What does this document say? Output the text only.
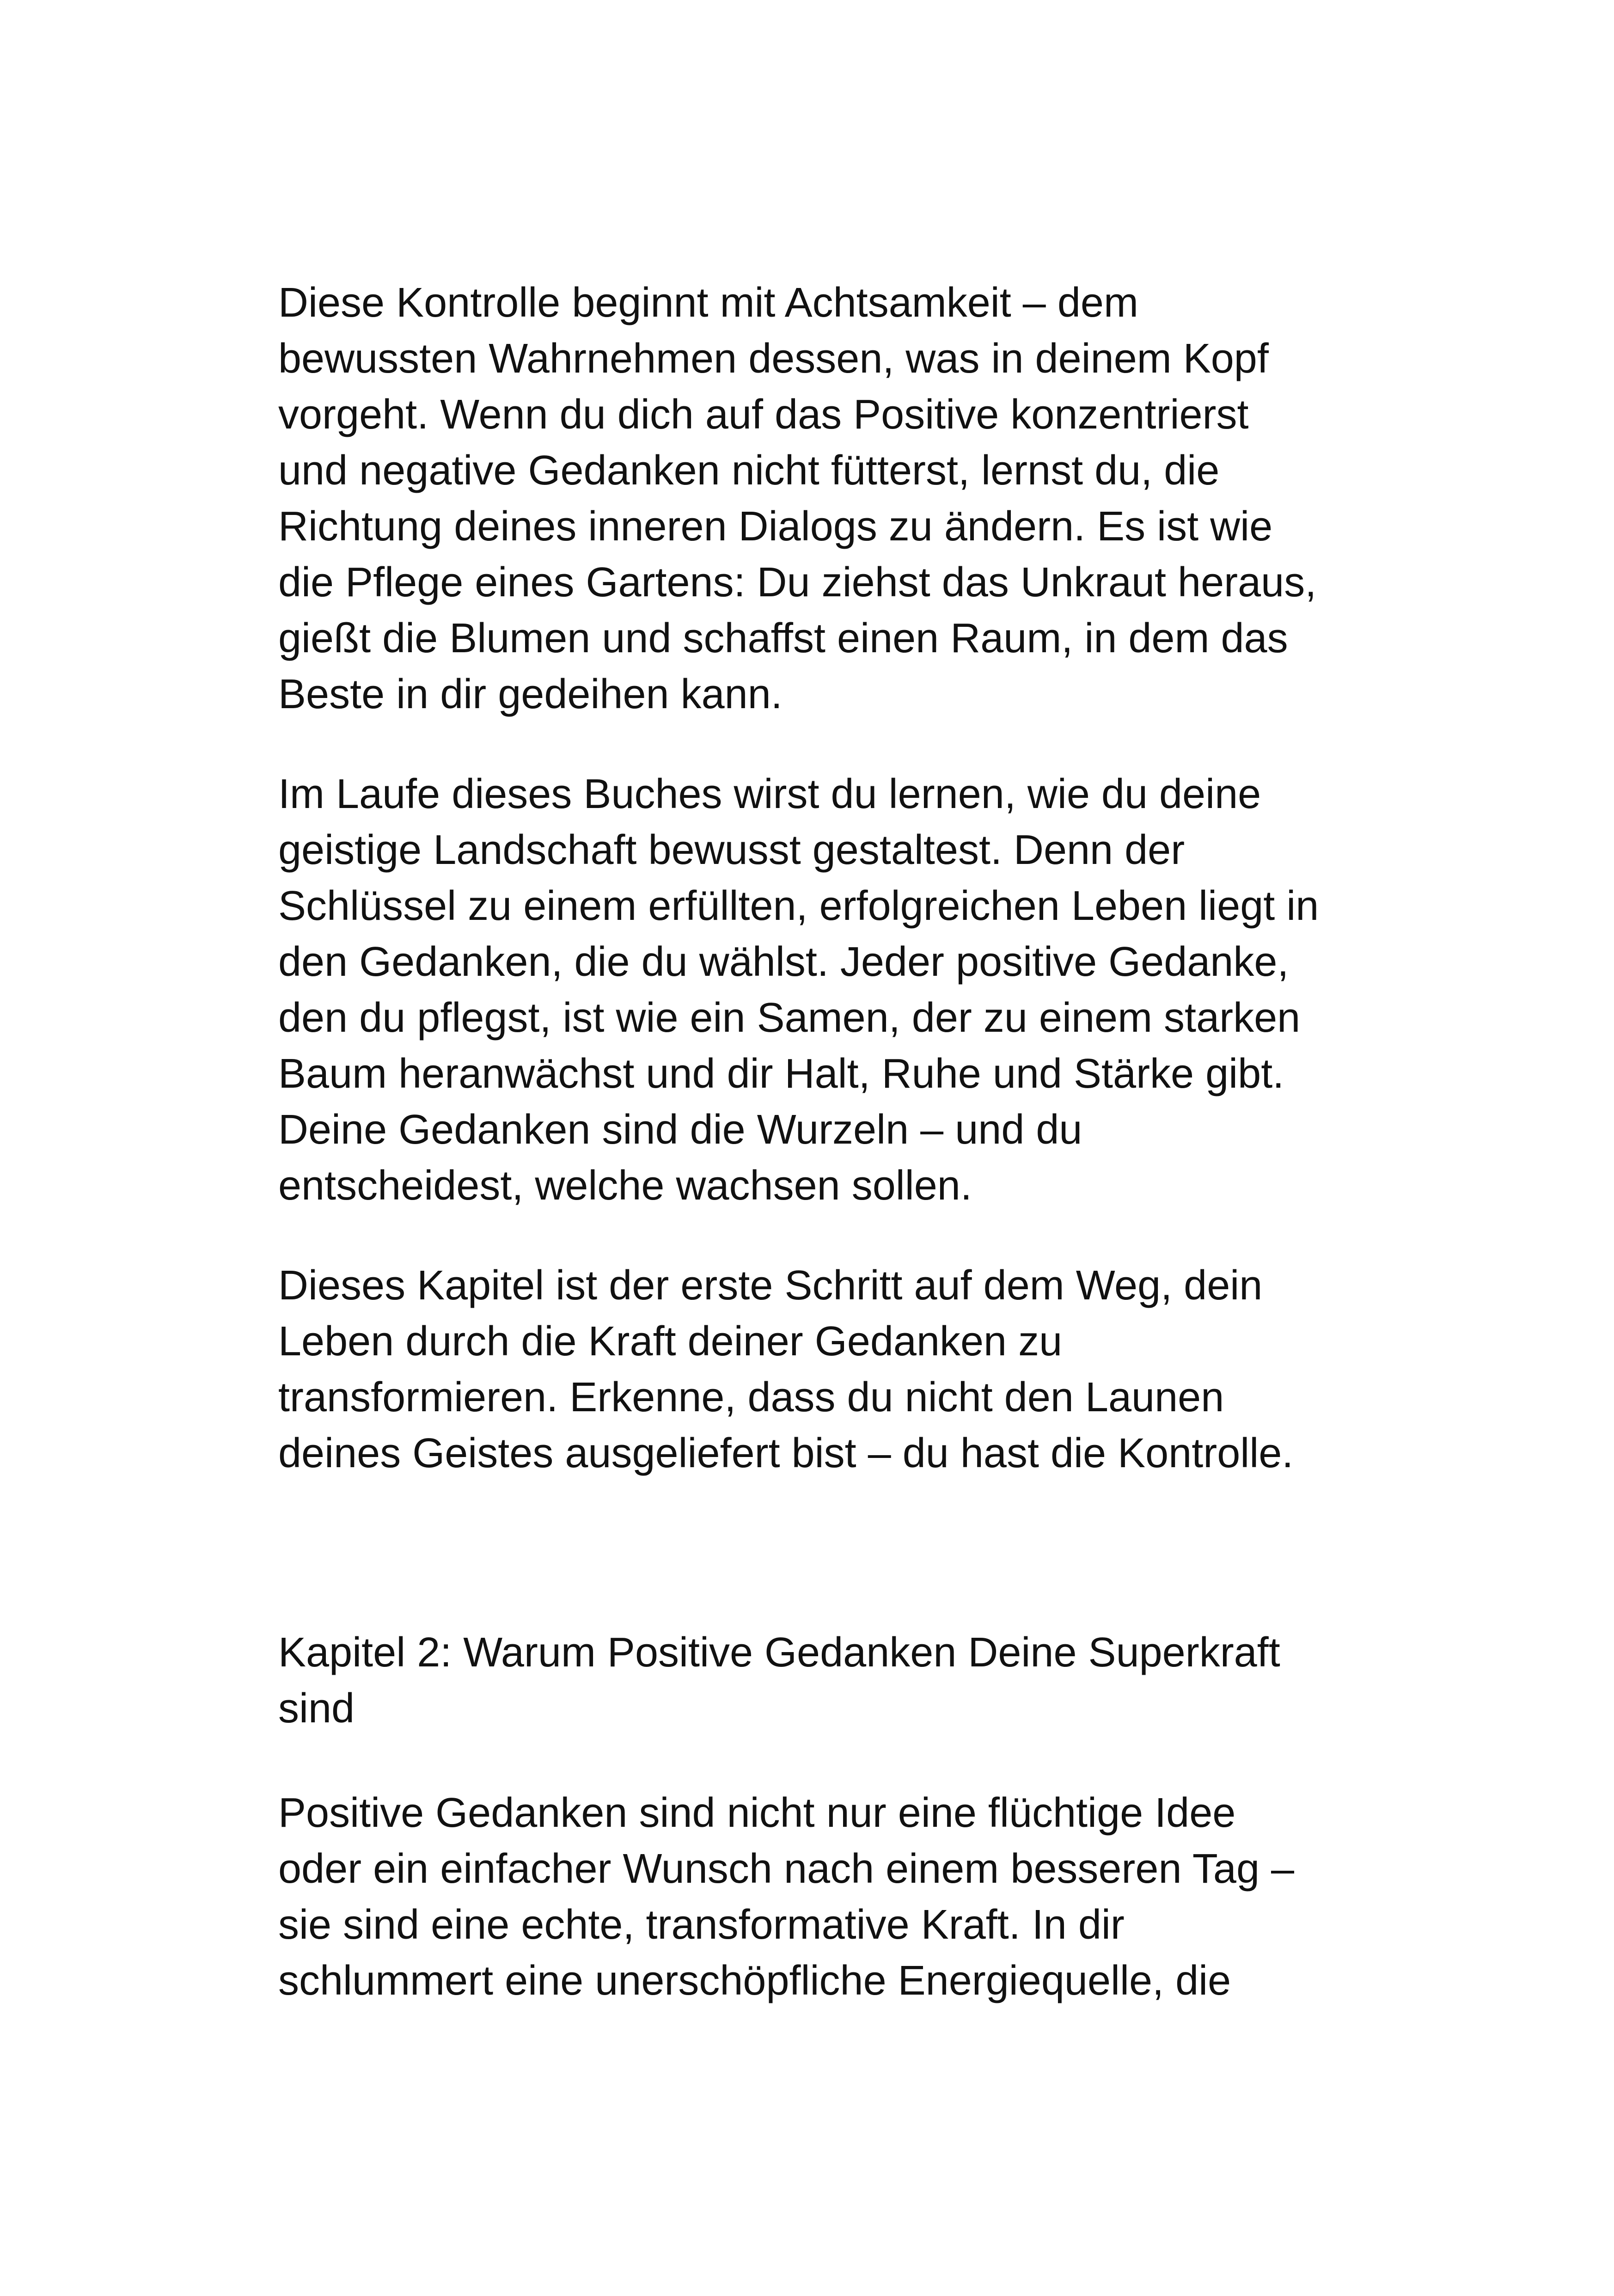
Diese Kontrolle beginnt mit Achtsamkeit – dem
bewussten Wahrnehmen dessen, was in deinem Kopf
vorgeht. Wenn du dich auf das Positive konzentrierst
und negative Gedanken nicht fütterst, lernst du, die
Richtung deines inneren Dialogs zu ändern. Es ist wie
die Pflege eines Gartens: Du ziehst das Unkraut heraus,
gießt die Blumen und schaffst einen Raum, in dem das
Beste in dir gedeihen kann.

Im Laufe dieses Buches wirst du lernen, wie du deine
geistige Landschaft bewusst gestaltest. Denn der
Schlüssel zu einem erfüllten, erfolgreichen Leben liegt in
den Gedanken, die du wählst. Jeder positive Gedanke,
den du pflegst, ist wie ein Samen, der zu einem starken
Baum heranwächst und dir Halt, Ruhe und Stärke gibt.
Deine Gedanken sind die Wurzeln – und du
entscheidest, welche wachsen sollen.

Dieses Kapitel ist der erste Schritt auf dem Weg, dein
Leben durch die Kraft deiner Gedanken zu
transformieren. Erkenne, dass du nicht den Launen
deines Geistes ausgeliefert bist – du hast die Kontrolle.

Kapitel 2: Warum Positive Gedanken Deine Superkraft
sind

Positive Gedanken sind nicht nur eine flüchtige Idee
oder ein einfacher Wunsch nach einem besseren Tag –
sie sind eine echte, transformative Kraft. In dir
schlummert eine unerschöpfliche Energiequelle, die
